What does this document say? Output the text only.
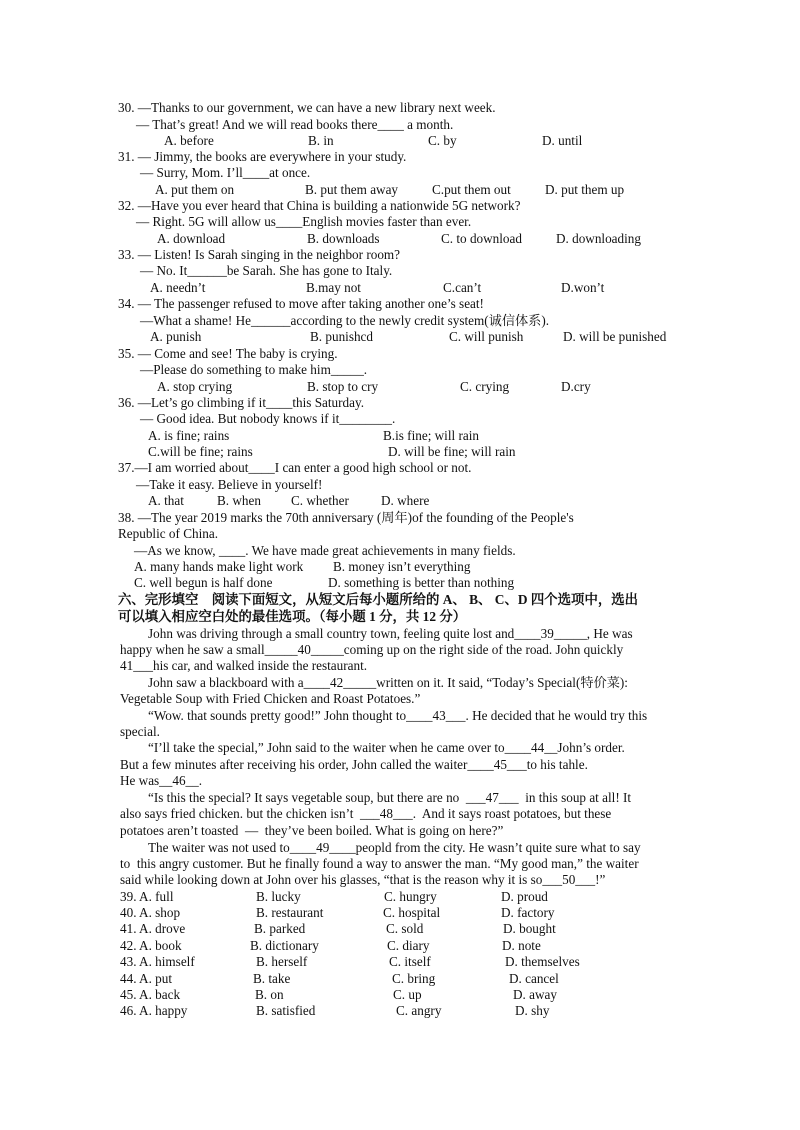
30. —Thanks to our government, we can have a new library next week.
— That’s great! And we will read books there____ a month.
A. before	B. in	C. by	D. until
31. — Jimmy, the books are everywhere in your study.
— Surry, Mom. I’ll____at once.
A. put them on	B. put them away	C.put them out	D. put them up
32. —Have you ever heard that China is building a nationwide 5G network?
— Right. 5G will allow us____English movies faster than ever.
A. download	B. downloads	C. to download	D. downloading
33. — Listen! Is Sarah singing in the neighbor room?
— No. It______be Sarah. She has gone to Italy.
A. needn’t	B.may not	C.can’t	D.won’t
34. — The passenger refused to move after taking another one’s seat!
—What a shame! He______according to the newly credit system(诚信体系).
A. punish	B. punishcd	C. will punish	D. will be punished
35. — Come and see! The baby is crying.
—Please do something to make him_____.
A. stop crying	B. stop to cry	C. crying	D.cry
36. —Let’s go climbing if it____this Saturday.
— Good idea. But nobody knows if it________.
A. is fine; rains	B.is fine; will rain
C.will be fine; rains	D. will be fine; will rain
37.—I am worried about____I can enter a good high school or not.
—Take it easy. Believe in yourself!
A. that	B. when C. whether D. where
38. —The year 2019 marks the 70th anniversary (周年)of the founding of the People's
Republic of China.
—As we know, ____. We have made great achievements in many fields.
A. many hands make light work B. money isn’t everything
C. well begun is half done	D. something is better than nothing
六、完形填空　阅读下面短文，从短文后每小题所给的 A、 B、 C、D 四个选项中，选出
可以填入相应空白处的最佳选项。（每小题 1 分，共 12 分）
John was driving through a small country town, feeling quite lost and____39_____, He was
happy when he saw a small_____40_____coming up on the right side of the road. John quickly
41___his car, and walked inside the restaurant.
John saw a blackboard with a____42_____written on it. It said, “Today’s Special(特价菜):
Vegetable Soup with Fried Chicken and Roast Potatoes.”
“Wow. that sounds pretty good!” John thought to____43___. He decided that he would try this
special.
“I’ll take the special,” John said to the waiter when he came over to____44__John’s order.
But a few minutes after receiving his order, John called the waiter____45___to his tahle.
He was__46__.
“Is this the special? It says vegetable soup, but there are no  ___47___  in this soup at all! It
also says fried chicken. but the chicken isn’t  ___48___.  And it says roast potatoes, but these
potatoes aren’t toasted  —  they’ve been boiled. What is going on here?”
The waiter was not used to____49____peopld from the city. He wasn’t quite sure what to say
to  this angry customer. But he finally found a way to answer the man. “My good man,” the waiter
said while looking down at John over his glasses, “that is the reason why it is so___50___!”
39. A. full	B. lucky	C. hungry	D. proud
40. A. shop	B. restaurant	C. hospital	D. factory
41. A. drove	B. parked	C. sold	D. bought
42. A. book	B. dictionary	C. diary	D. note
43. A. himself	B. herself	C. itself	D. themselves
44. A. put	B. take	C. bring	D. cancel
45. A. back	B. on	C. up	D. away
46. A. happy	B. satisfied	C. angry	D. shy
